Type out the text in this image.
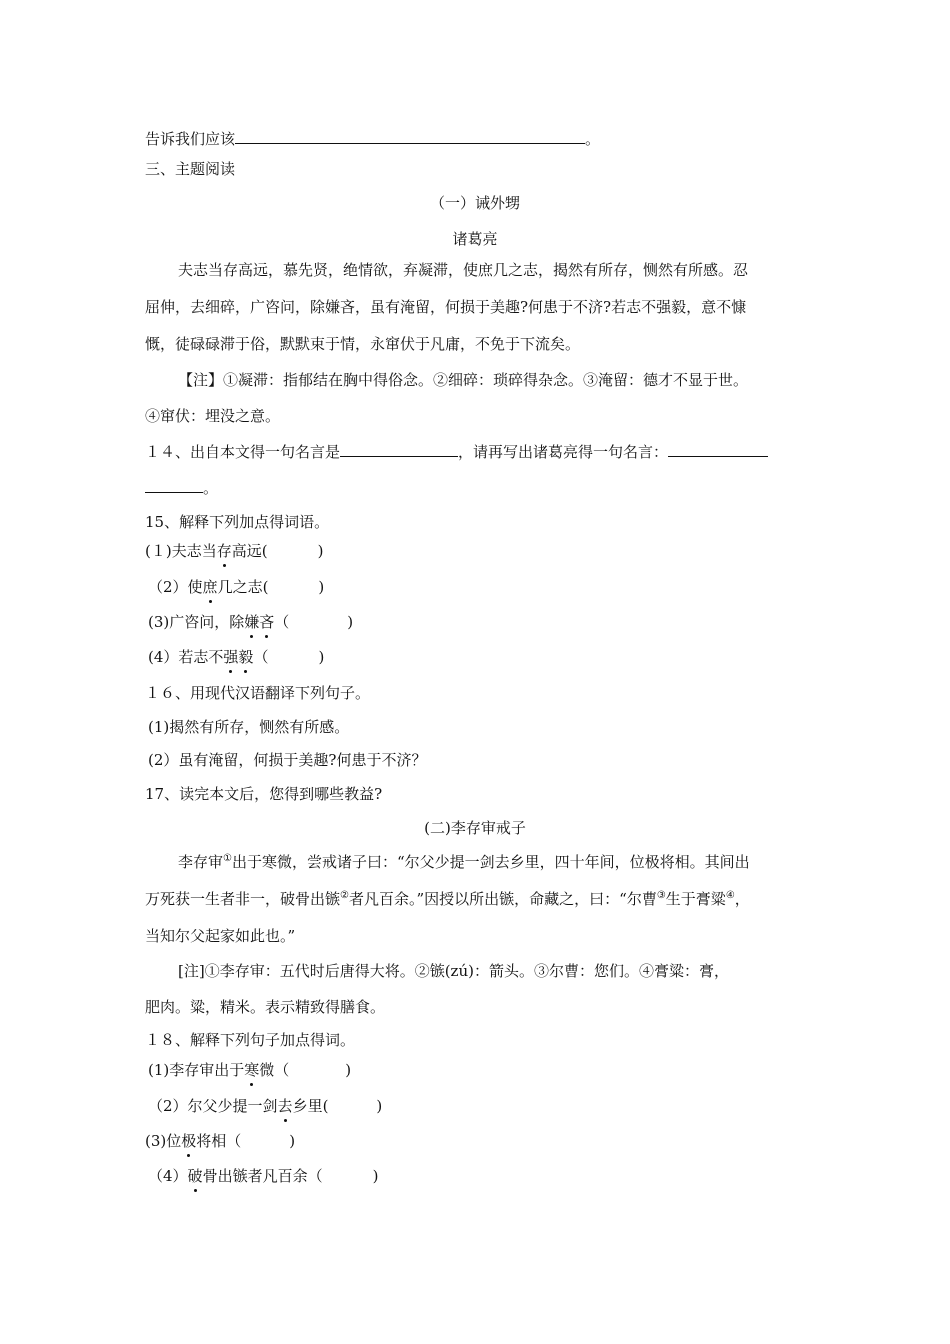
告诉我们应该	。
三、主题阅读
（一）诫外甥
诸葛亮
夫志当存高远，慕先贤，绝情欲，弃凝滞，使庶几之志，揭然有所存，恻然有所感。忍
屈伸，去细碎，广咨问，除嫌吝，虽有淹留，何损于美趣?何患于不济?若志不强毅，意不慷
慨，徒碌碌滞于俗，默默束于情，永窜伏于凡庸，不免于下流矣。
【注】①凝滞：指郁结在胸中得俗念。②细碎：琐碎得杂念。③淹留：德才不显于世。
④窜伏：埋没之意。
１４、出自本文得一句名言是	，请再写出诸葛亮得一句名言：
。
15、解释下列加点得词语。
(１)夫志当存高远(	)
（2）使庶几之志(	)
(3)广咨问，除嫌吝（	)
(4）若志不强毅（	)
１６、用现代汉语翻译下列句子。
(1)揭然有所存，恻然有所感。
(2）虽有淹留，何损于美趣?何患于不济？
17、读完本文后，您得到哪些教益?
(二)李存审戒子
李存审①出于寒微，尝戒诸子曰：“尔父少提一剑去乡里，四十年间，位极将相。其间出
万死获一生者非一，破骨出镞②者凡百余。”因授以所出镞，命藏之，曰：“尔曹③生于膏粱④，
当知尔父起家如此也。”
[注]①李存审：五代时后唐得大将。②镞(zú)：箭头。③尔曹：您们。④膏粱：膏，
肥肉。粱，精米。表示精致得膳食。
１８、解释下列句子加点得词。
(1)李存审出于寒微（	)
（2）尔父少提一剑去乡里(	)
(3)位极将相（	)
（4）破骨出镞者凡百余（	)
